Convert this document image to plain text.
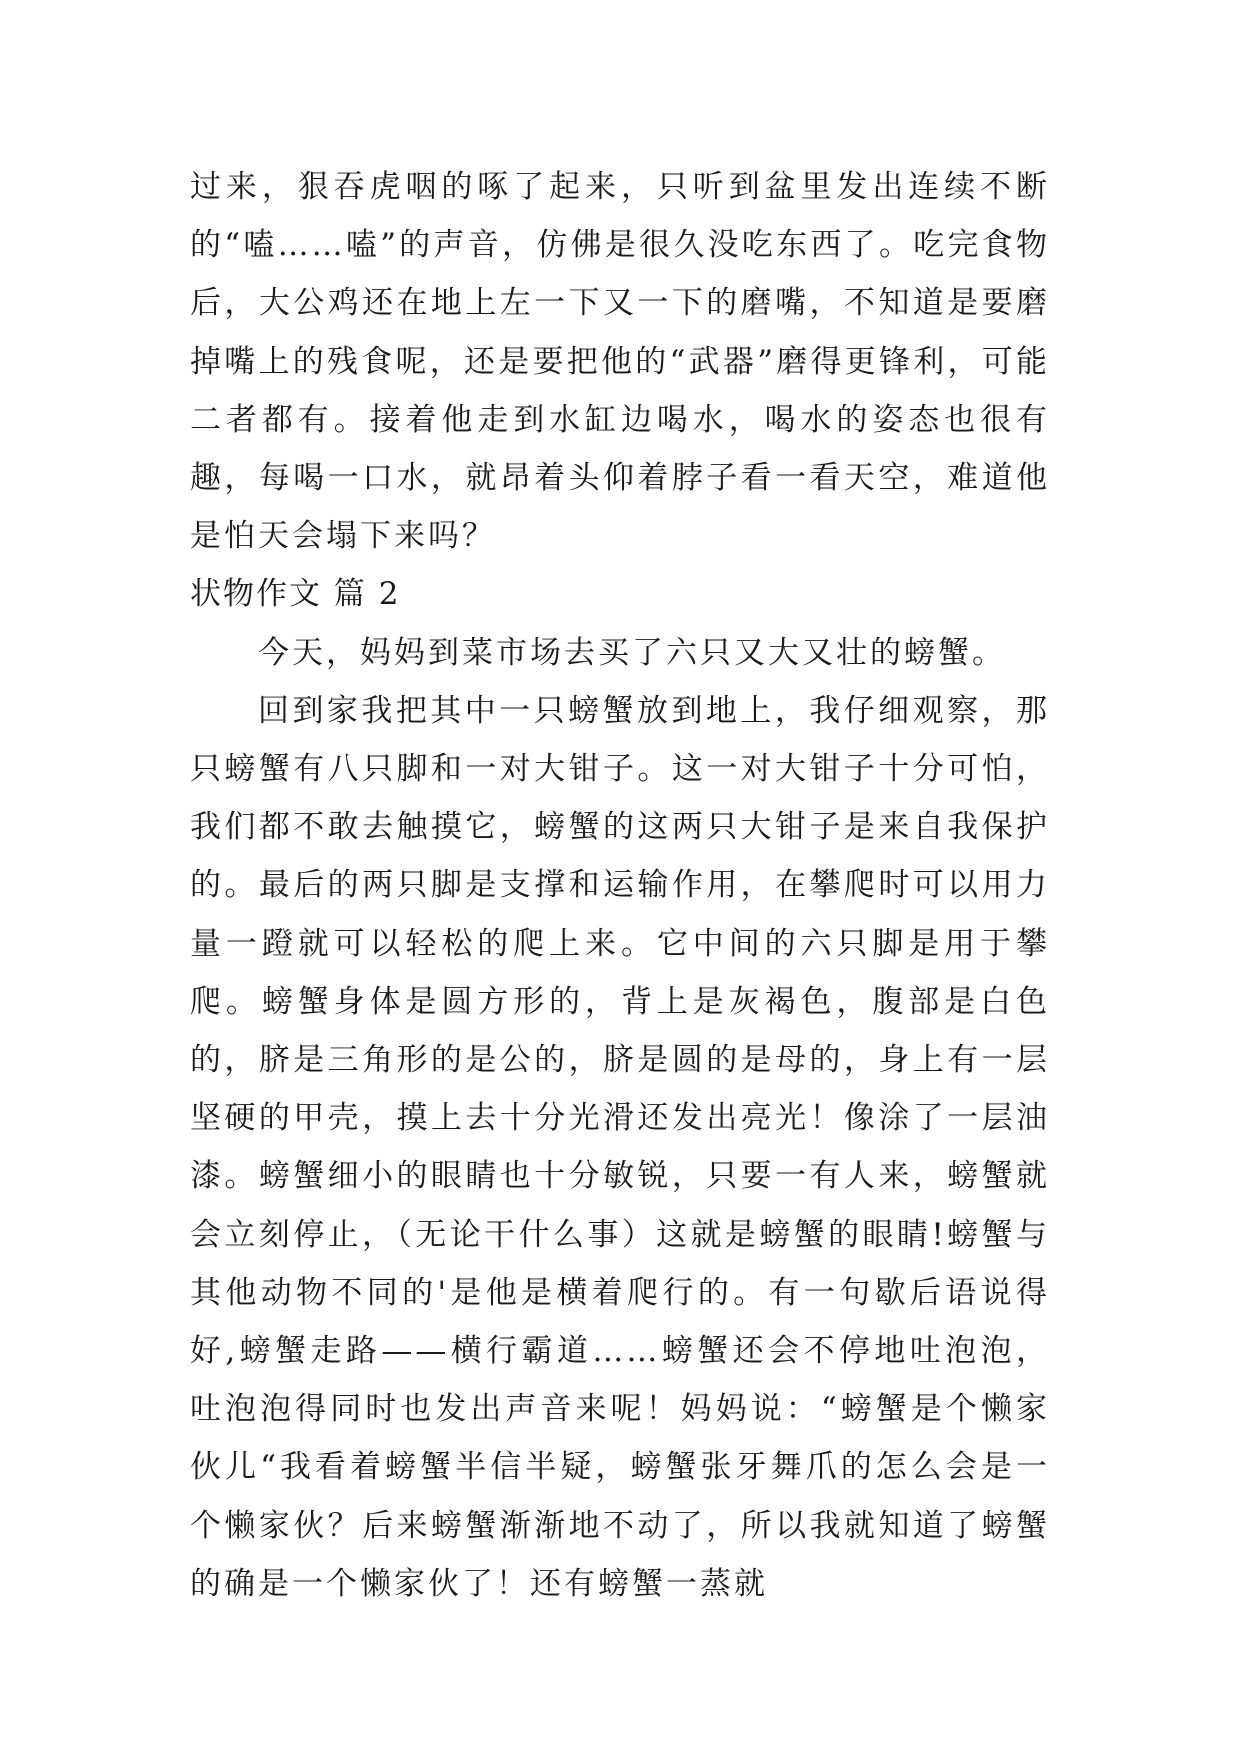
过来，狠吞虎咽的啄了起来，只听到盆里发出连续不断的“嗑……嗑”的声音，仿佛是很久没吃东西了。吃完食物后，大公鸡还在地上左一下又一下的磨嘴，不知道是要磨掉嘴上的残食呢，还是要把他的“武器”磨得更锋利，可能二者都有。接着他走到水缸边喝水，喝水的姿态也很有趣，每喝一口水，就昂着头仰着脖子看一看天空，难道他是怕天会塌下来吗？

状物作文 篇 2

今天，妈妈到菜市场去买了六只又大又壮的螃蟹。

回到家我把其中一只螃蟹放到地上，我仔细观察，那只螃蟹有八只脚和一对大钳子。这一对大钳子十分可怕，我们都不敢去触摸它，螃蟹的这两只大钳子是来自我保护的。最后的两只脚是支撑和运输作用，在攀爬时可以用力量一蹬就可以轻松的爬上来。它中间的六只脚是用于攀爬。螃蟹身体是圆方形的，背上是灰褐色，腹部是白色的，脐是三角形的是公的，脐是圆的是母的，身上有一层坚硬的甲壳，摸上去十分光滑还发出亮光！像涂了一层油漆。螃蟹细小的眼睛也十分敏锐，只要一有人来，螃蟹就会立刻停止，（无论干什么事）这就是螃蟹的眼睛!螃蟹与其他动物不同的'是他是横着爬行的。有一句歇后语说得好,螃蟹走路——横行霸道……螃蟹还会不停地吐泡泡，吐泡泡得同时也发出声音来呢！妈妈说：“螃蟹是个懒家伙儿“我看着螃蟹半信半疑，螃蟹张牙舞爪的怎么会是一个懒家伙？后来螃蟹渐渐地不动了，所以我就知道了螃蟹的确是一个懒家伙了！还有螃蟹一蒸就
